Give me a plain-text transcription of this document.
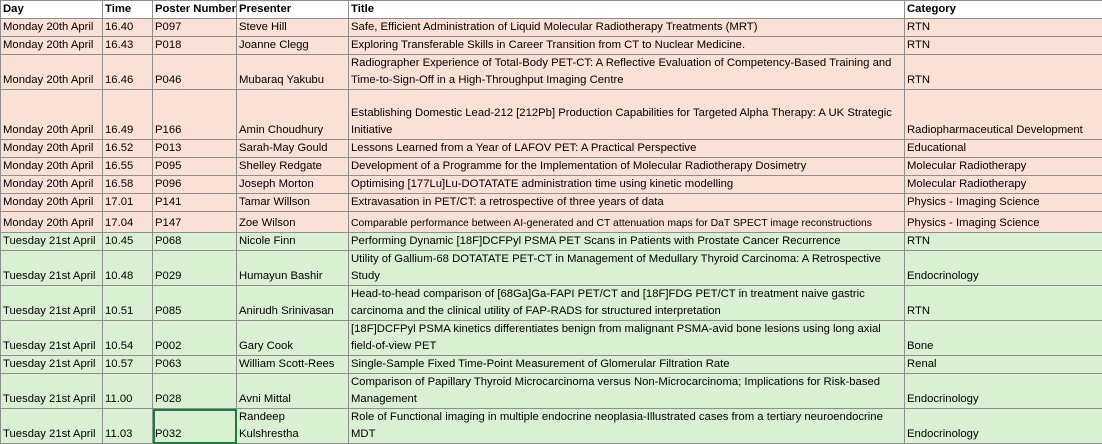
Day	Time	Poster Number	Presenter	Title	Category
Monday 20th April	16.40	P097	Steve Hill	Safe, Efficient Administration of Liquid Molecular Radiotherapy Treatments (MRT)	RTN
Monday 20th April	16.43	P018	Joanne Clegg	Exploring Transferable Skills in Career Transition from CT to Nuclear Medicine.	RTN
Monday 20th April	16.46	P046	Mubaraq Yakubu	Radiographer Experience of Total-Body PET-CT: A Reflective Evaluation of Competency-Based Training and Time-to-Sign-Off in a High-Throughput Imaging Centre	RTN
Monday 20th April	16.49	P166	Amin Choudhury	Establishing Domestic Lead-212 [212Pb] Production Capabilities for Targeted Alpha Therapy: A UK Strategic Initiative	Radiopharmaceutical Development
Monday 20th April	16.52	P013	Sarah-May Gould	Lessons Learned from a Year of LAFOV PET: A Practical Perspective	Educational
Monday 20th April	16.55	P095	Shelley Redgate	Development of a Programme for the Implementation of Molecular Radiotherapy Dosimetry	Molecular Radiotherapy
Monday 20th April	16.58	P096	Joseph Morton	Optimising [177Lu]Lu-DOTATATE administration time using kinetic modelling	Molecular Radiotherapy
Monday 20th April	17.01	P141	Tamar Willson	Extravasation in PET/CT: a retrospective of three years of data	Physics - Imaging Science
Monday 20th April	17.04	P147	Zoe Wilson	Comparable performance between AI-generated and CT attenuation maps for DaT SPECT image reconstructions	Physics - Imaging Science
Tuesday 21st April	10.45	P068	Nicole Finn	Performing Dynamic [18F]DCFPyl PSMA PET Scans in Patients with Prostate Cancer Recurrence	RTN
Tuesday 21st April	10.48	P029	Humayun Bashir	Utility of Gallium-68 DOTATATE PET-CT in Management of Medullary Thyroid Carcinoma: A Retrospective Study	Endocrinology
Tuesday 21st April	10.51	P085	Anirudh Srinivasan	Head-to-head comparison of [68Ga]Ga-FAPI PET/CT and [18F]FDG PET/CT in treatment naive gastric carcinoma and the clinical utility of FAP-RADS for structured interpretation	RTN
Tuesday 21st April	10.54	P002	Gary Cook	[18F]DCFPyl PSMA kinetics differentiates benign from malignant PSMA-avid bone lesions using long axial field-of-view PET	Bone
Tuesday 21st April	10.57	P063	William Scott-Rees	Single-Sample Fixed Time-Point Measurement of Glomerular Filtration Rate	Renal
Tuesday 21st April	11.00	P028	Avni Mittal	Comparison of Papillary Thyroid Microcarcinoma versus Non-Microcarcinoma; Implications for Risk-based Management	Endocrinology
Tuesday 21st April	11.03	P032	Randeep Kulshrestha	Role of Functional imaging in multiple endocrine neoplasia-Illustrated cases from a tertiary neuroendocrine MDT	Endocrinology
